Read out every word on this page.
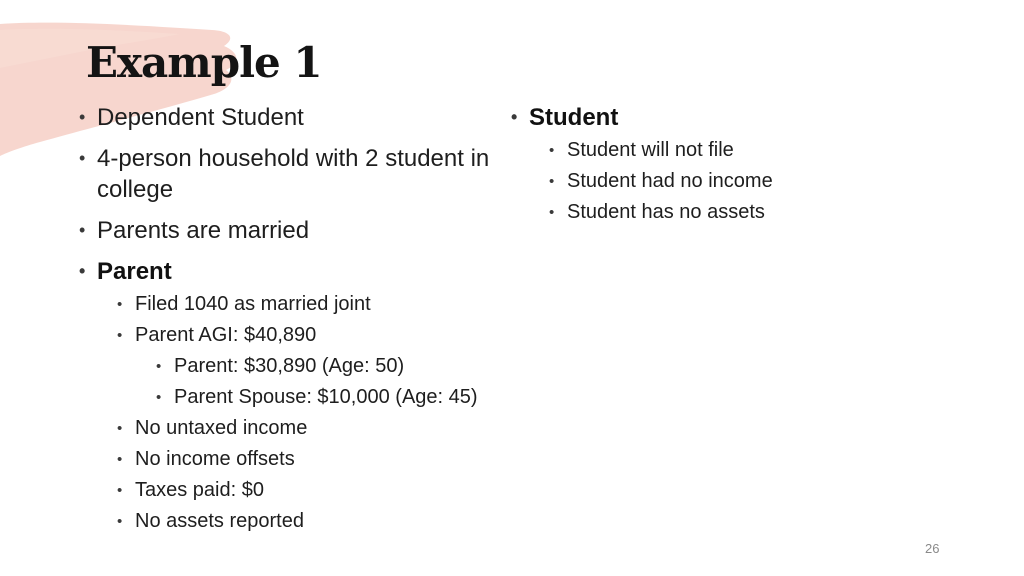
Example 1
• Dependent Student
• 4-person household with 2 student in college
• Parents are married
• Parent
• Filed 1040 as married joint
• Parent AGI: $40,890
• Parent: $30,890 (Age: 50)
• Parent Spouse: $10,000 (Age: 45)
• No untaxed income
• No income offsets
• Taxes paid: $0
• No assets reported
• Student
• Student will not file
• Student had no income
• Student has no assets
26
